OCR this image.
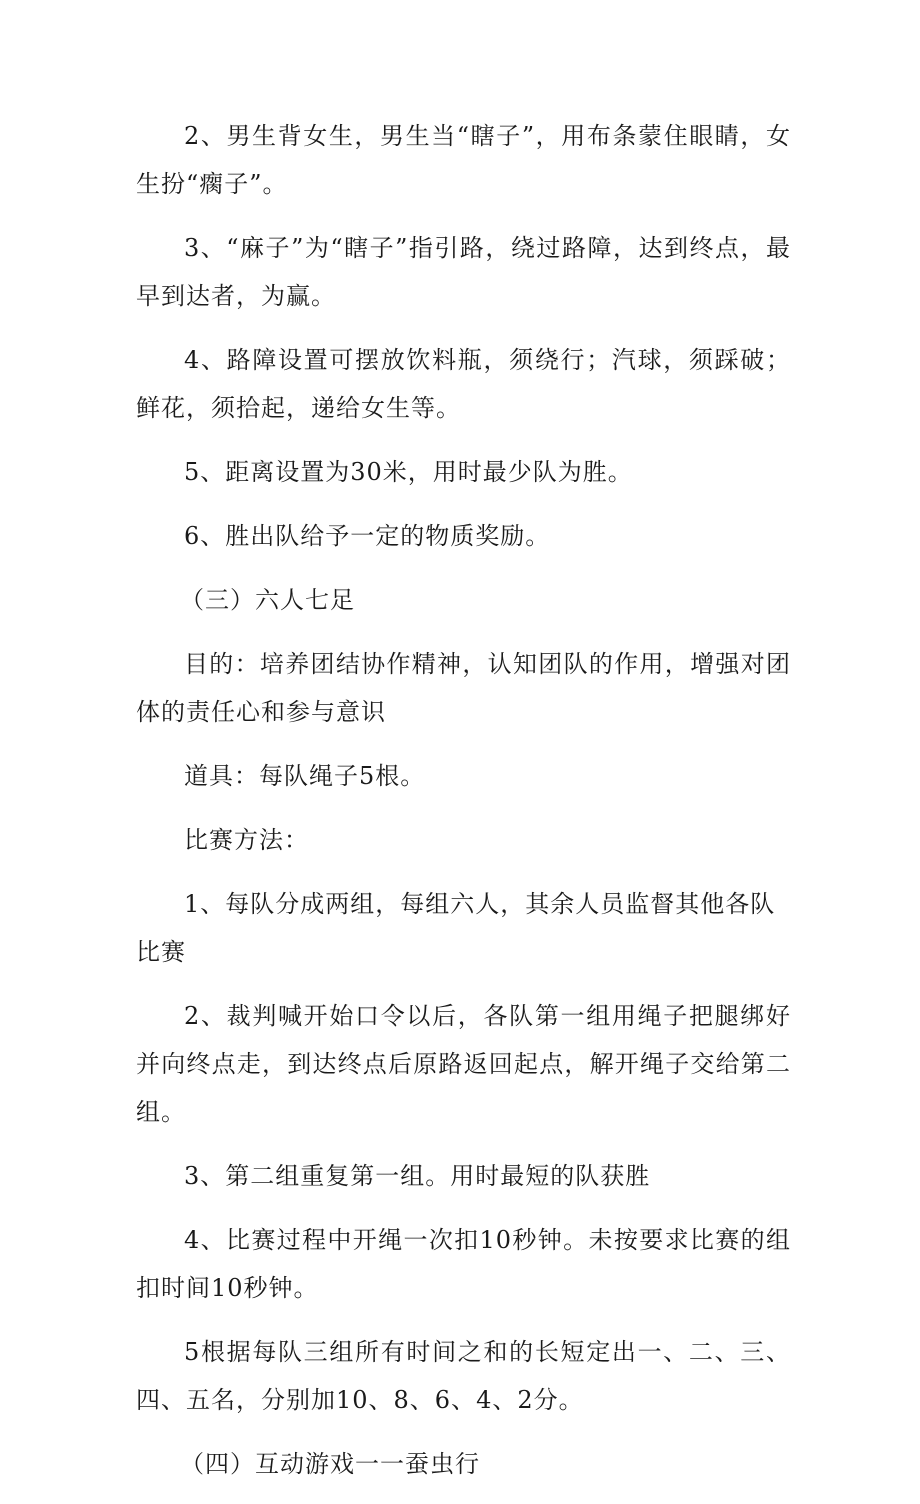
2、男生背女生，男生当“瞎子”，用布条蒙住眼睛，女生扮“瘸子”。

3、“麻子”为“瞎子”指引路，绕过路障，达到终点，最早到达者，为赢。

4、路障设置可摆放饮料瓶，须绕行；汽球，须踩破；鲜花，须拾起，递给女生等。

5、距离设置为30米，用时最少队为胜。

6、胜出队给予一定的物质奖励。

（三）六人七足

目的：培养团结协作精神，认知团队的作用，增强对团体的责任心和参与意识

道具：每队绳子5根。

比赛方法：

1、每队分成两组，每组六人，其余人员监督其他各队比赛

2、裁判喊开始口令以后，各队第一组用绳子把腿绑好并向终点走，到达终点后原路返回起点，解开绳子交给第二组。

3、第二组重复第一组。用时最短的队获胜

4、比赛过程中开绳一次扣10秒钟。未按要求比赛的组扣时间10秒钟。

5根据每队三组所有时间之和的长短定出一、二、三、四、五名，分别加10、8、6、4、2分。

（四）互动游戏一一蚕虫行
